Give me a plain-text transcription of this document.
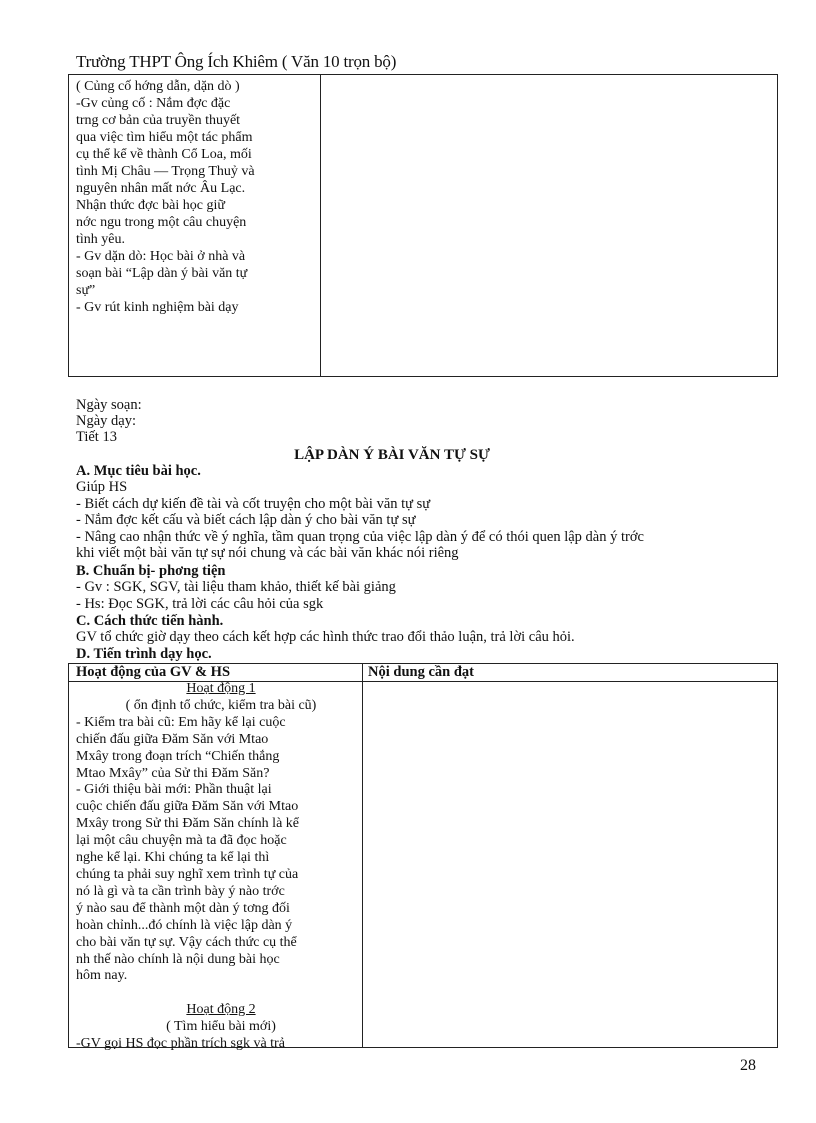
Trường THPT Ông Ích Khiêm ( Văn 10 trọn bộ)
( Củng cố hớng dẫn, dặn dò )
-Gv củng cố : Nắm đợc đặc
trng cơ bản của truyền thuyết
qua việc tìm hiểu một tác phẩm
cụ thể kể về thành Cổ Loa, mối
tình Mị Châu — Trọng Thuỷ và
nguyên nhân mất nớc Âu Lạc.
Nhận thức đợc bài học giữ
nớc ngu trong một câu chuyện
tình yêu.
- Gv dặn dò: Học bài ở nhà và
soạn bài “Lập dàn ý bài văn tự
sự”
- Gv rút kinh nghiệm bài dạy
Ngày soạn:
Ngày dạy:
Tiết 13
LẬP DÀN Ý BÀI VĂN TỰ SỰ
A. Mục tiêu bài học.
Giúp HS
- Biết cách dự kiến đề tài và cốt truyện cho một bài văn tự sự
- Nắm đợc kết cấu và biết cách lập dàn ý cho bài văn tự sự
- Nâng cao nhận thức về ý nghĩa, tầm quan trọng của việc lập dàn ý để có thói quen lập dàn ý trớc
khi viết một bài văn tự sự nói chung và các bài văn khác nói riêng
B. Chuẩn bị- phơng tiện
- Gv : SGK, SGV, tài liệu tham khảo, thiết kế bài giảng
- Hs: Đọc SGK, trả lời các câu hỏi của sgk
C. Cách thức tiến hành.
GV tổ chức giờ dạy theo cách kết hợp các hình thức trao đổi thảo luận, trả lời câu hỏi.
D. Tiến trình dạy học.
Hoạt động của GV & HS	Nội dung cần đạt
Hoạt động 1
( ổn định tổ chức, kiểm tra bài cũ)
- Kiểm tra bài cũ: Em hãy kể lại cuộc
chiến đấu giữa Đăm Săn với Mtao
Mxây trong đoạn trích “Chiến thắng
Mtao Mxây” của Sử thi Đăm Săn?
- Giới thiệu bài mới: Phần thuật lại
cuộc chiến đấu giữa Đăm Săn với Mtao
Mxây trong Sử thi Đăm Săn chính là kể
lại một câu chuyện mà ta đã đọc hoặc
nghe kể lại. Khi chúng ta kể lại thì
chúng ta phải suy nghĩ xem trình tự của
nó là gì và ta cần trình bày ý nào trớc
ý nào sau để thành một dàn ý tơng đối
hoàn chỉnh...đó chính là việc lập dàn ý
cho bài văn tự sự. Vậy cách thức cụ thể
nh thế nào chính là nội dung bài học
hôm nay.
Hoạt động 2
( Tìm hiểu bài mới)
-GV gọi HS đọc phần trích sgk và trả
28
